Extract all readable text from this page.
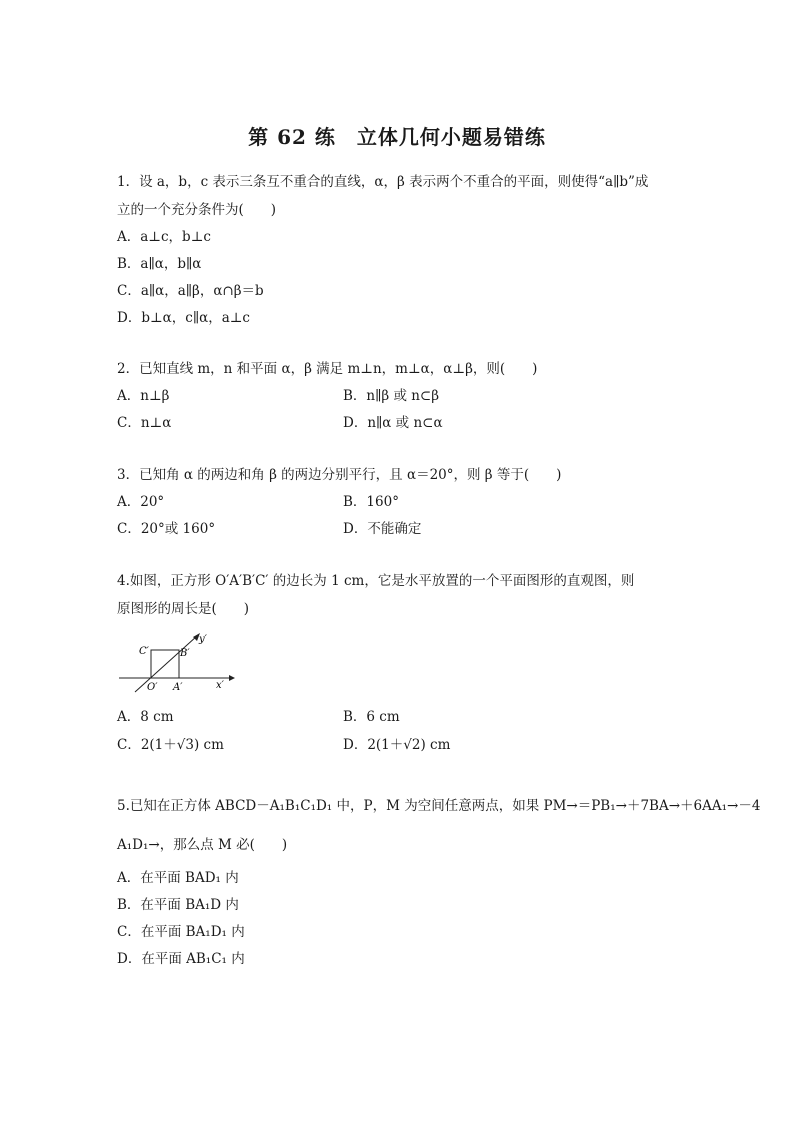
第 62 练　立体几何小题易错练
1．设 a，b，c 表示三条互不重合的直线，α，β 表示两个不重合的平面，则使得“a∥b”成
立的一个充分条件为(　　)
A．a⊥c，b⊥c
B．a∥α，b∥α
C．a∥α，a∥β，α∩β＝b
D．b⊥α，c∥α，a⊥c
2．已知直线 m，n 和平面 α，β 满足 m⊥n，m⊥α，α⊥β，则(　　)
A．n⊥β	B．n∥β 或 n⊂β
C．n⊥α	D．n∥α 或 n⊂α
3．已知角 α 的两边和角 β 的两边分别平行，且 α＝20°，则 β 等于(　　)
A．20°	B．160°
C．20°或 160°	D．不能确定
4.如图，正方形 O′A′B′C′ 的边长为 1 cm，它是水平放置的一个平面图形的直观图，则
原图形的周长是(　　)
C′	B′
O′ A′	x′
y′
A．8 cm	B．6 cm
C．2(1＋√3) cm	D．2(1＋√2) cm
5.已知在正方体 ABCD－A₁B₁C₁D₁ 中，P，M 为空间任意两点，如果 PM→＝PB₁→＋7BA→＋6AA₁→－4
A₁D₁→，那么点 M 必(　　)
A．在平面 BAD₁ 内
B．在平面 BA₁D 内
C．在平面 BA₁D₁ 内
D．在平面 AB₁C₁ 内
